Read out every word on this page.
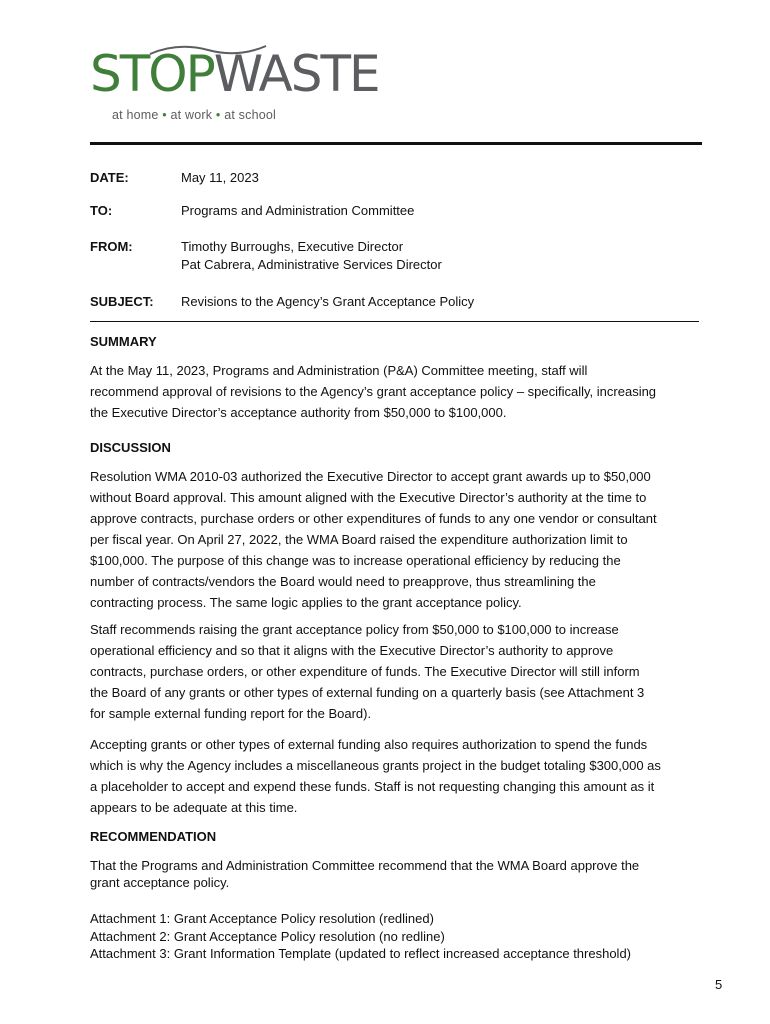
STOPWASTE
at home • at work • at school
DATE:	May 11, 2023
TO:	Programs and Administration Committee
FROM:	Timothy Burroughs, Executive Director
Pat Cabrera, Administrative Services Director
SUBJECT: Revisions to the Agency’s Grant Acceptance Policy
SUMMARY
At the May 11, 2023, Programs and Administration (P&A) Committee meeting, staff will
recommend approval of revisions to the Agency’s grant acceptance policy – specifically, increasing
the Executive Director’s acceptance authority from $50,000 to $100,000.
DISCUSSION
Resolution WMA 2010-03 authorized the Executive Director to accept grant awards up to $50,000
without Board approval. This amount aligned with the Executive Director’s authority at the time to
approve contracts, purchase orders or other expenditures of funds to any one vendor or consultant
per fiscal year. On April 27, 2022, the WMA Board raised the expenditure authorization limit to
$100,000. The purpose of this change was to increase operational efficiency by reducing the
number of contracts/vendors the Board would need to preapprove, thus streamlining the
contracting process. The same logic applies to the grant acceptance policy.
Staff recommends raising the grant acceptance policy from $50,000 to $100,000 to increase
operational efficiency and so that it aligns with the Executive Director’s authority to approve
contracts, purchase orders, or other expenditure of funds. The Executive Director will still inform
the Board of any grants or other types of external funding on a quarterly basis (see Attachment 3
for sample external funding report for the Board).
Accepting grants or other types of external funding also requires authorization to spend the funds
which is why the Agency includes a miscellaneous grants project in the budget totaling $300,000 as
a placeholder to accept and expend these funds. Staff is not requesting changing this amount as it
appears to be adequate at this time.
RECOMMENDATION
That the Programs and Administration Committee recommend that the WMA Board approve the
grant acceptance policy.
Attachment 1: Grant Acceptance Policy resolution (redlined)
Attachment 2: Grant Acceptance Policy resolution (no redline)
Attachment 3: Grant Information Template (updated to reflect increased acceptance threshold)
5
